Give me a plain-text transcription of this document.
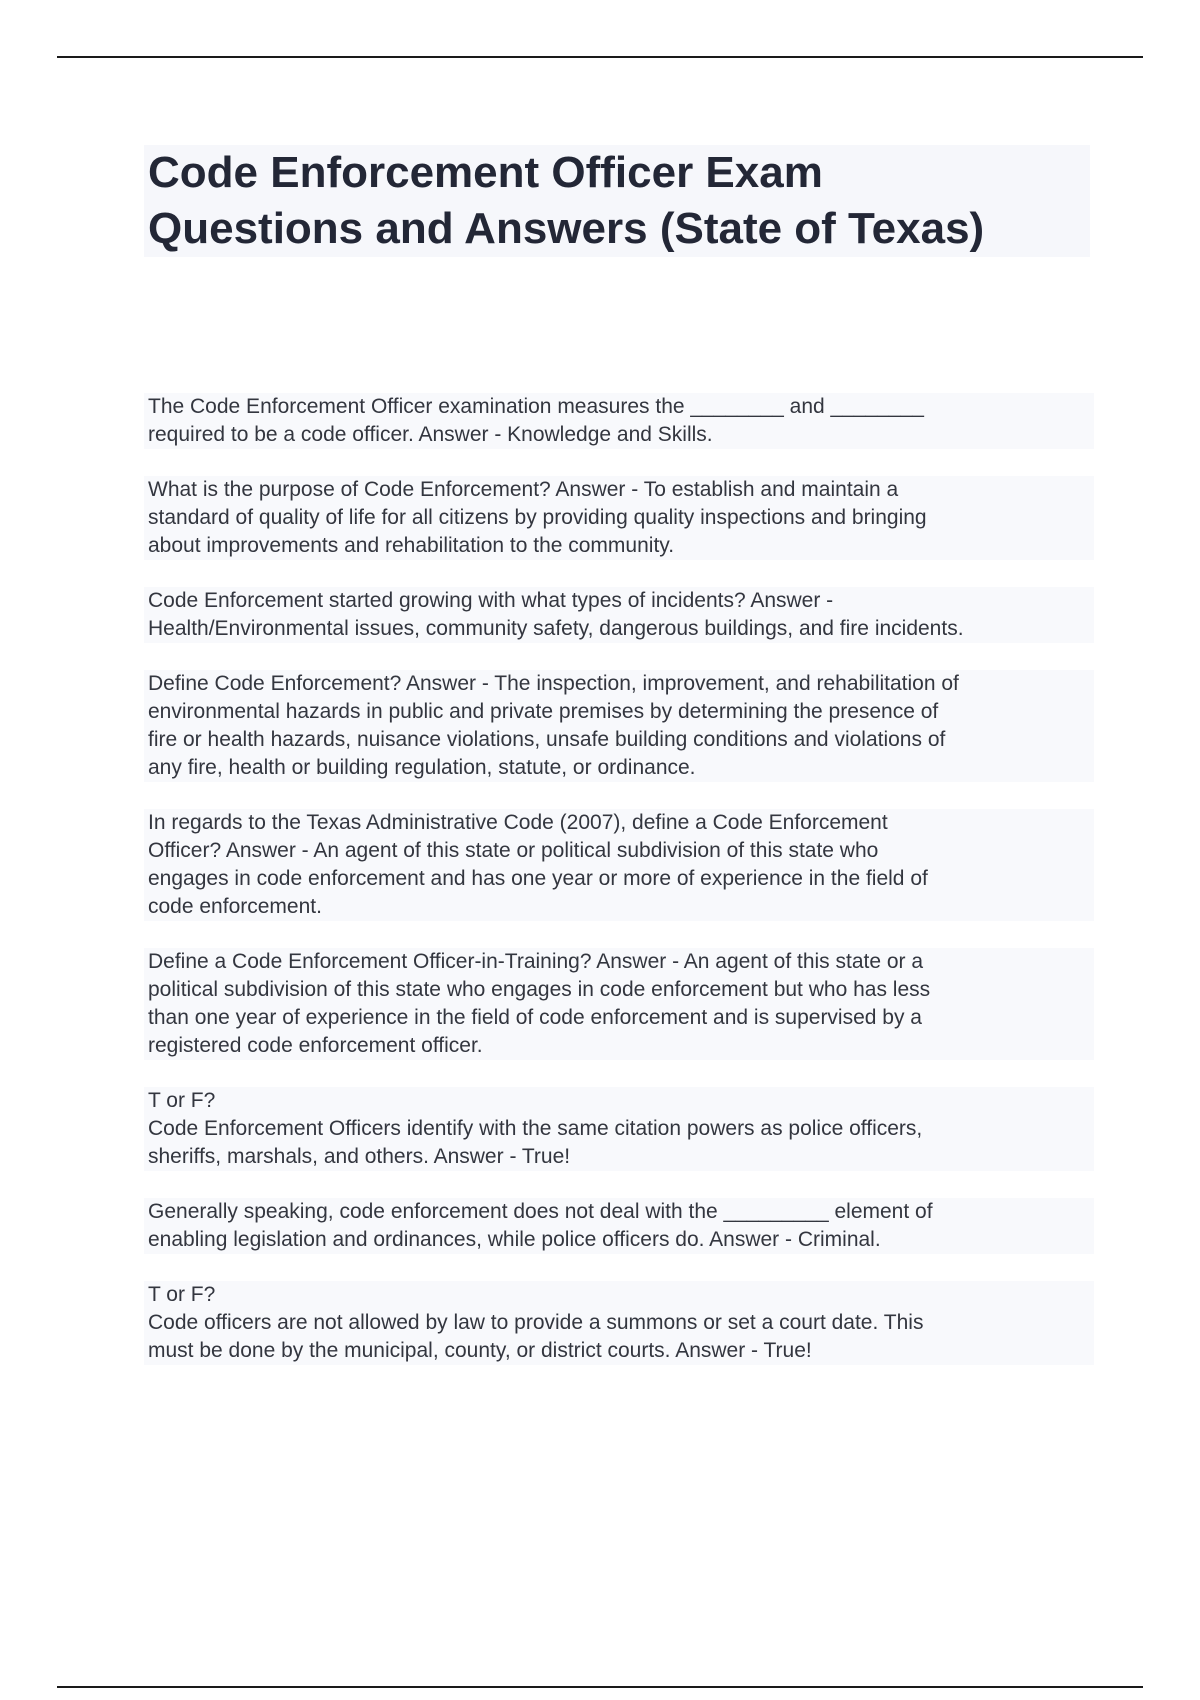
Code Enforcement Officer Exam
Questions and Answers (State of Texas)
The Code Enforcement Officer examination measures the ________ and ________
required to be a code officer. Answer - Knowledge and Skills.
What is the purpose of Code Enforcement? Answer - To establish and maintain a
standard of quality of life for all citizens by providing quality inspections and bringing
about improvements and rehabilitation to the community.
Code Enforcement started growing with what types of incidents? Answer -
Health/Environmental issues, community safety, dangerous buildings, and fire incidents.
Define Code Enforcement? Answer - The inspection, improvement, and rehabilitation of
environmental hazards in public and private premises by determining the presence of
fire or health hazards, nuisance violations, unsafe building conditions and violations of
any fire, health or building regulation, statute, or ordinance.
In regards to the Texas Administrative Code (2007), define a Code Enforcement
Officer? Answer - An agent of this state or political subdivision of this state who
engages in code enforcement and has one year or more of experience in the field of
code enforcement.
Define a Code Enforcement Officer-in-Training? Answer - An agent of this state or a
political subdivision of this state who engages in code enforcement but who has less
than one year of experience in the field of code enforcement and is supervised by a
registered code enforcement officer.
T or F?
Code Enforcement Officers identify with the same citation powers as police officers,
sheriffs, marshals, and others. Answer - True!
Generally speaking, code enforcement does not deal with the _________ element of
enabling legislation and ordinances, while police officers do. Answer - Criminal.
T or F?
Code officers are not allowed by law to provide a summons or set a court date. This
must be done by the municipal, county, or district courts. Answer - True!
